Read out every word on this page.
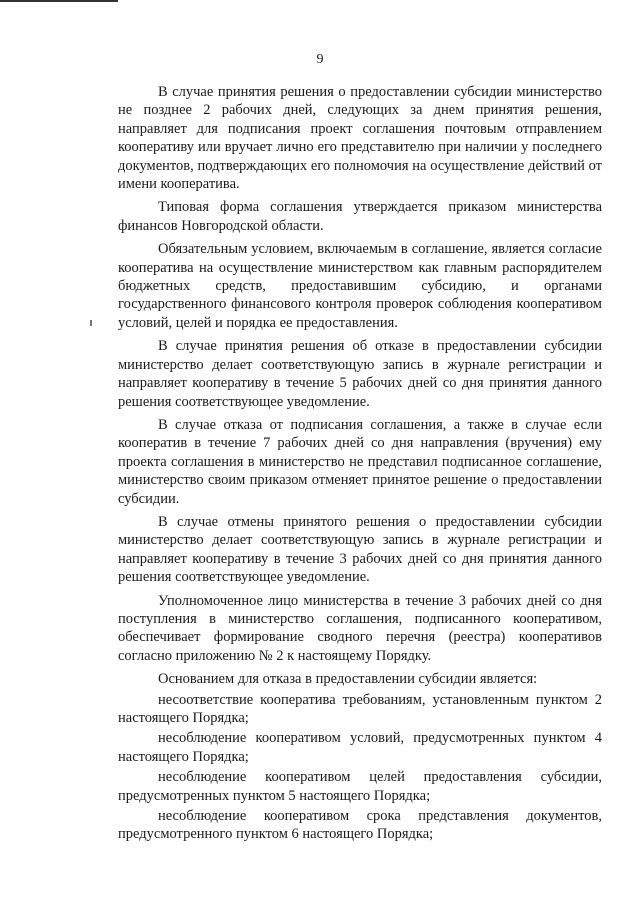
9

В случае принятия решения о предоставлении субсидии министерство не позднее 2 рабочих дней, следующих за днем принятия решения, направляет для подписания проект соглашения почтовым отправлением кооперативу или вручает лично его представителю при наличии у последнего документов, подтверждающих его полномочия на осуществление действий от имени кооператива.

Типовая форма соглашения утверждается приказом министерства финансов Новгородской области.

Обязательным условием, включаемым в соглашение, является согласие кооператива на осуществление министерством как главным распорядителем бюджетных средств, предоставившим субсидию, и органами государственного финансового контроля проверок соблюдения кооперативом условий, целей и порядка ее предоставления.

В случае принятия решения об отказе в предоставлении субсидии министерство делает соответствующую запись в журнале регистрации и направляет кооперативу в течение 5 рабочих дней со дня принятия данного решения соответствующее уведомление.

В случае отказа от подписания соглашения, а также в случае если кооператив в течение 7 рабочих дней со дня направления (вручения) ему проекта соглашения в министерство не представил подписанное соглашение, министерство своим приказом отменяет принятое решение о предоставлении субсидии.

В случае отмены принятого решения о предоставлении субсидии министерство делает соответствующую запись в журнале регистрации и направляет кооперативу в течение 3 рабочих дней со дня принятия данного решения соответствующее уведомление.

Уполномоченное лицо министерства в течение 3 рабочих дней со дня поступления в министерство соглашения, подписанного кооперативом, обеспечивает формирование сводного перечня (реестра) кооперативов согласно приложению № 2 к настоящему Порядку.

Основанием для отказа в предоставлении субсидии является:

несоответствие кооператива требованиям, установленным пунктом 2 настоящего Порядка;

несоблюдение кооперативом условий, предусмотренных пунктом 4 настоящего Порядка;

несоблюдение кооперативом целей предоставления субсидии, предусмотренных пунктом 5 настоящего Порядка;

несоблюдение кооперативом срока представления документов, предусмотренного пунктом 6 настоящего Порядка;
